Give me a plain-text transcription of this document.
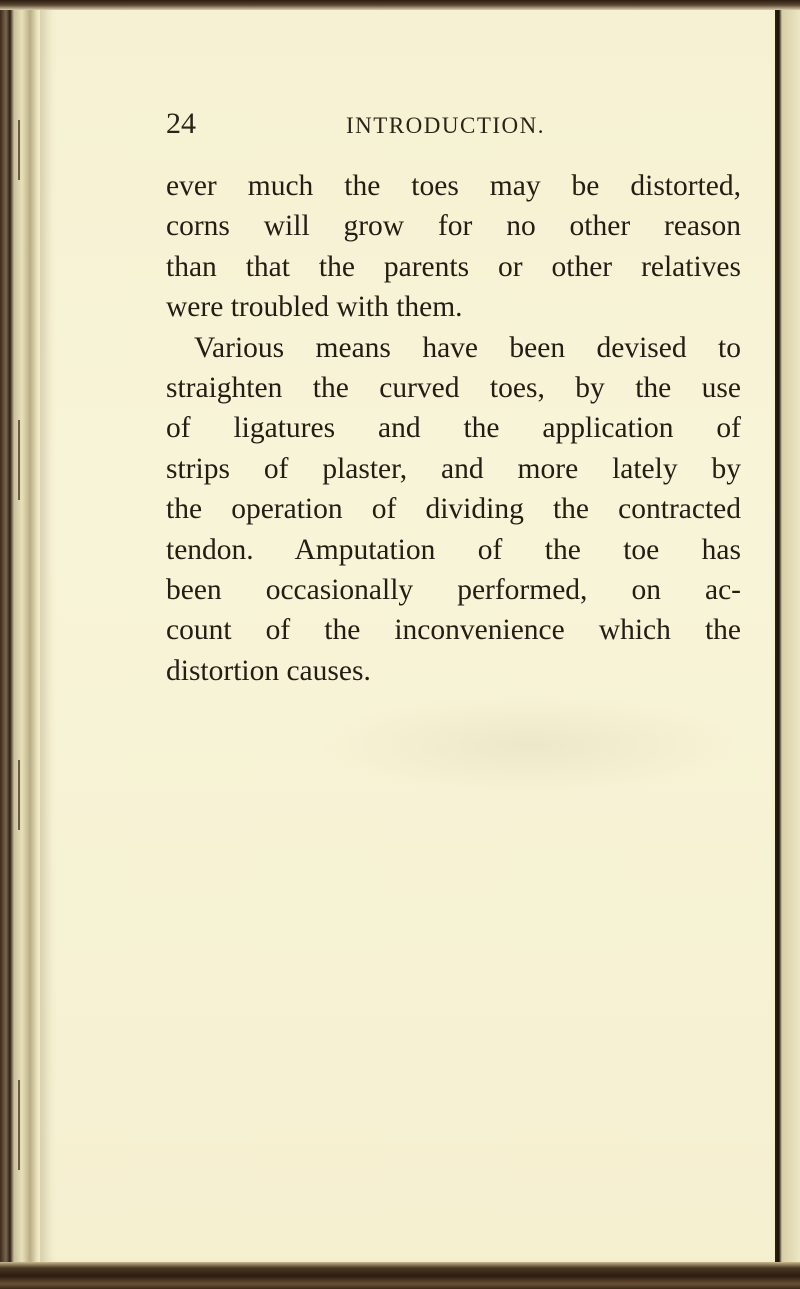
24	INTRODUCTION.
ever much the toes may be distorted,
corns will grow for no other reason
than that the parents or other relatives
were troubled with them.
Various means have been devised to
straighten the curved toes, by the use
of ligatures and the application of
strips of plaster, and more lately by
the operation of dividing the contracted
tendon. Amputation of the toe has
been occasionally performed, on ac-
count of the inconvenience which the
distortion causes.
